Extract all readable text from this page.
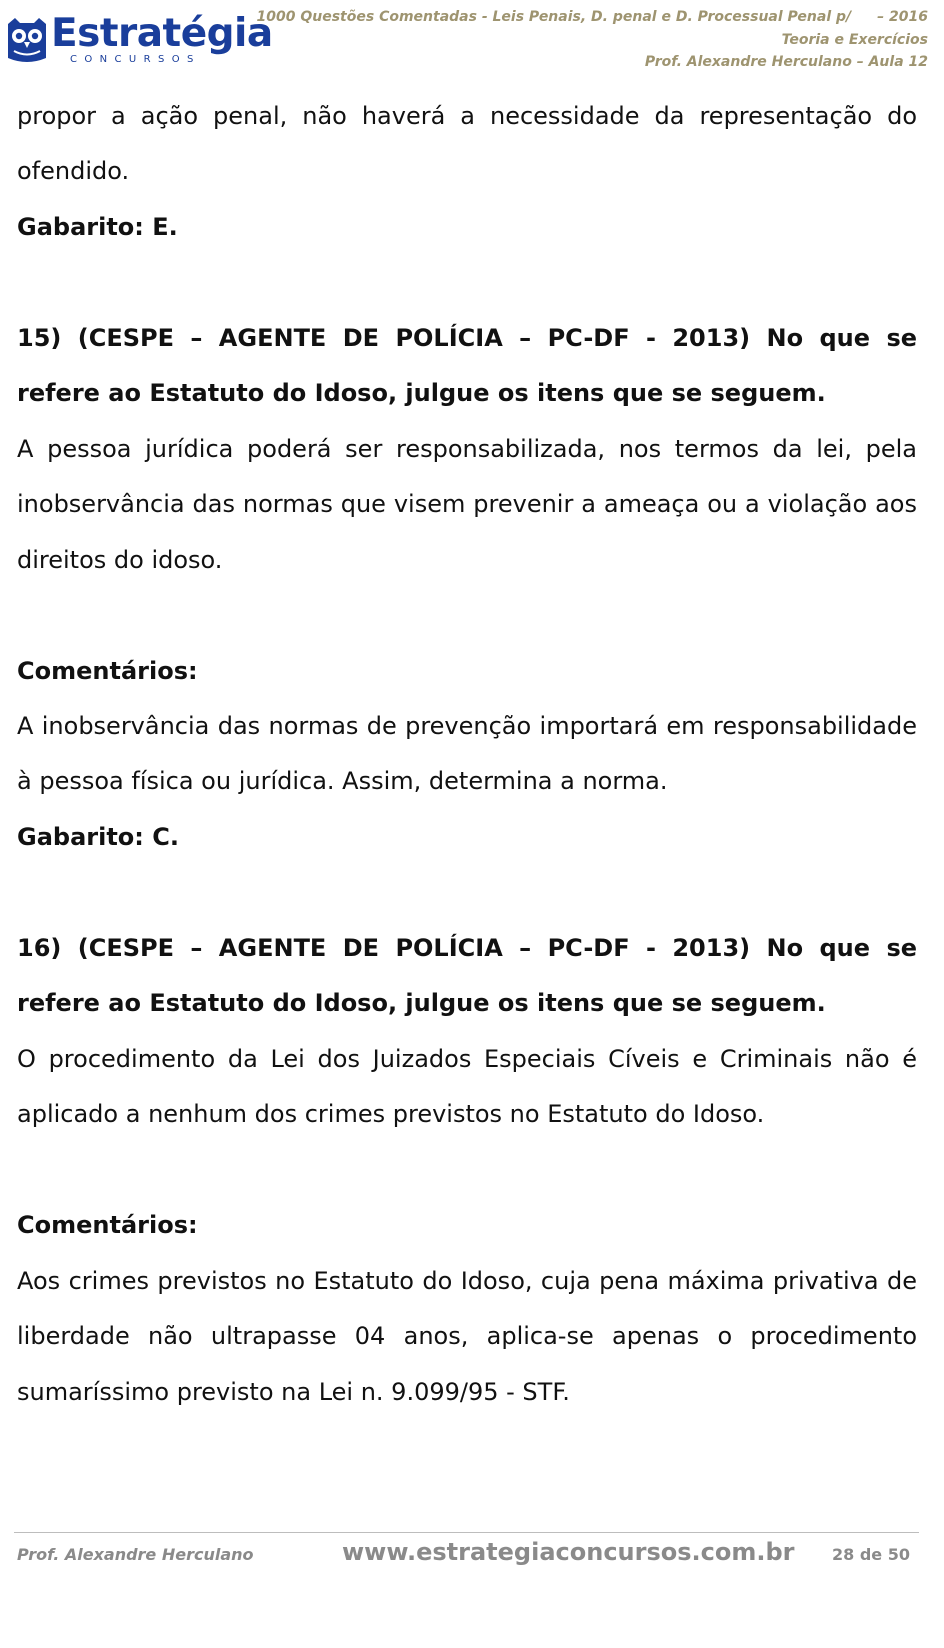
Estratégia
CONCURSOS
1000 Questões Comentadas - Leis Penais, D. penal e D. Processual Penal p/ – 2016
Teoria e Exercícios
Prof. Alexandre Herculano – Aula 12
propor a ação penal, não haverá a necessidade da representação do
ofendido.
Gabarito: E.
15) (CESPE – AGENTE DE POLÍCIA – PC-DF - 2013) No que se
refere ao Estatuto do Idoso, julgue os itens que se seguem.
A pessoa jurídica poderá ser responsabilizada, nos termos da lei, pela
inobservância das normas que visem prevenir a ameaça ou a violação aos
direitos do idoso.
Comentários:
A inobservância das normas de prevenção importará em responsabilidade
à pessoa física ou jurídica. Assim, determina a norma.
Gabarito: C.
16) (CESPE – AGENTE DE POLÍCIA – PC-DF - 2013) No que se
refere ao Estatuto do Idoso, julgue os itens que se seguem.
O procedimento da Lei dos Juizados Especiais Cíveis e Criminais não é
aplicado a nenhum dos crimes previstos no Estatuto do Idoso.
Comentários:
Aos crimes previstos no Estatuto do Idoso, cuja pena máxima privativa de
liberdade não ultrapasse 04 anos, aplica-se apenas o procedimento
sumaríssimo previsto na Lei n. 9.099/95 - STF.
Prof. Alexandre Herculano	www.estrategiaconcursos.com.br 28 de 50
